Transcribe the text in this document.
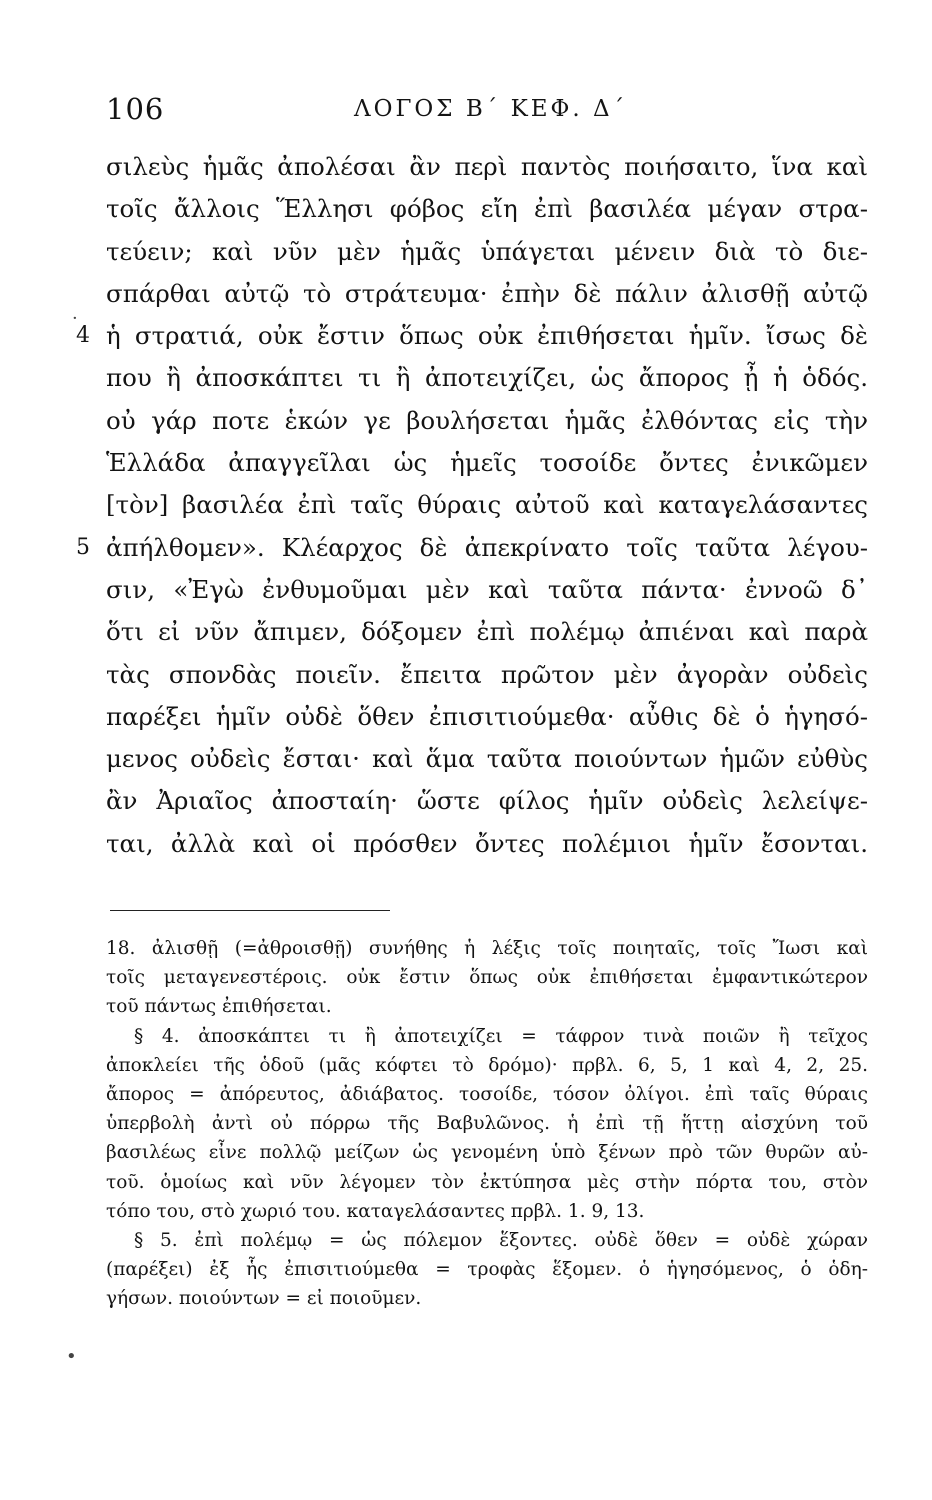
106	ΛΟΓΟΣ Β΄ ΚΕΦ. Δ΄
σιλεὺς ἡμᾶς ἀπολέσαι ἂν περὶ παντὸς ποιήσαιτο, ἵνα καὶ
τοῖς ἄλλοις Ἕλλησι φόβος εἴη ἐπὶ βασιλέα μέγαν στρα-
τεύειν; καὶ νῦν μὲν ἡμᾶς ὑπάγεται μένειν διὰ τὸ διε-
σπάρθαι αὐτῷ τὸ στράτευμα· ἐπὴν δὲ πάλιν ἀλισθῇ αὐτῷ
4 ἡ στρατιά, οὐκ ἔστιν ὅπως οὐκ ἐπιθήσεται ἡμῖν. ἴσως δὲ
που ἢ ἀποσκάπτει τι ἢ ἀποτειχίζει, ὡς ἄπορος ᾖ ἡ ὁδός.
οὐ γάρ ποτε ἑκών γε βουλήσεται ἡμᾶς ἐλθόντας εἰς τὴν
Ἑλλάδα ἀπαγγεῖλαι ὡς ἡμεῖς τοσοίδε ὄντες ἐνικῶμεν
[τὸν] βασιλέα ἐπὶ ταῖς θύραις αὐτοῦ καὶ καταγελάσαντες
5 ἀπήλθομεν». Κλέαρχος δὲ ἀπεκρίνατο τοῖς ταῦτα λέγου-
σιν, «Ἐγὼ ἐνθυμοῦμαι μὲν καὶ ταῦτα πάντα· ἐννοῶ δ᾽
ὅτι εἰ νῦν ἄπιμεν, δόξομεν ἐπὶ πολέμῳ ἀπιέναι καὶ παρὰ
τὰς σπονδὰς ποιεῖν. ἔπειτα πρῶτον μὲν ἀγορὰν οὐδεὶς
παρέξει ἡμῖν οὐδὲ ὅθεν ἐπισιτιούμεθα· αὖθις δὲ ὁ ἡγησό-
μενος οὐδεὶς ἔσται· καὶ ἅμα ταῦτα ποιούντων ἡμῶν εὐθὺς
ἂν Ἀριαῖος ἀποσταίη· ὥστε φίλος ἡμῖν οὐδεὶς λελείψε-
ται, ἀλλὰ καὶ οἱ πρόσθεν ὄντες πολέμιοι ἡμῖν ἔσονται.
18. ἀλισθῇ (=ἀθροισθῇ) συνήθης ἡ λέξις τοῖς ποιηταῖς, τοῖς Ἴωσι καὶ
τοῖς μεταγενεστέροις. οὐκ ἔστιν ὅπως οὐκ ἐπιθήσεται ἐμφαντικώτερον
τοῦ πάντως ἐπιθήσεται.
§ 4. ἀποσκάπτει τι ἢ ἀποτειχίζει = τάφρον τινὰ ποιῶν ἢ τεῖχος
ἀποκλείει τῆς ὁδοῦ (μᾶς κόφτει τὸ δρόμο)· πρβλ. 6, 5, 1 καὶ 4, 2, 25.
ἄπορος = ἀπόρευτος, ἀδιάβατος. τοσοίδε, τόσον ὀλίγοι. ἐπὶ ταῖς θύραις
ὑπερβολὴ ἀντὶ οὐ πόρρω τῆς Βαβυλῶνος. ἡ ἐπὶ τῇ ἥττῃ αἰσχύνη τοῦ
βασιλέως εἶνε πολλῷ μείζων ὡς γενομένη ὑπὸ ξένων πρὸ τῶν θυρῶν αὐ-
τοῦ. ὁμοίως καὶ νῦν λέγομεν τὸν ἐκτύπησα μὲς στὴν πόρτα του, στὸν
τόπο του, στὸ χωριό του. καταγελάσαντες πρβλ. 1. 9, 13.
§ 5. ἐπὶ πολέμῳ = ὡς πόλεμον ἕξοντες. οὐδὲ ὅθεν = οὐδὲ χώραν
(παρέξει) ἐξ ἧς ἐπισιτιούμεθα = τροφὰς ἕξομεν. ὁ ἡγησόμενος, ὁ ὁδη-
γήσων. ποιούντων = εἰ ποιοῦμεν.
·
•
